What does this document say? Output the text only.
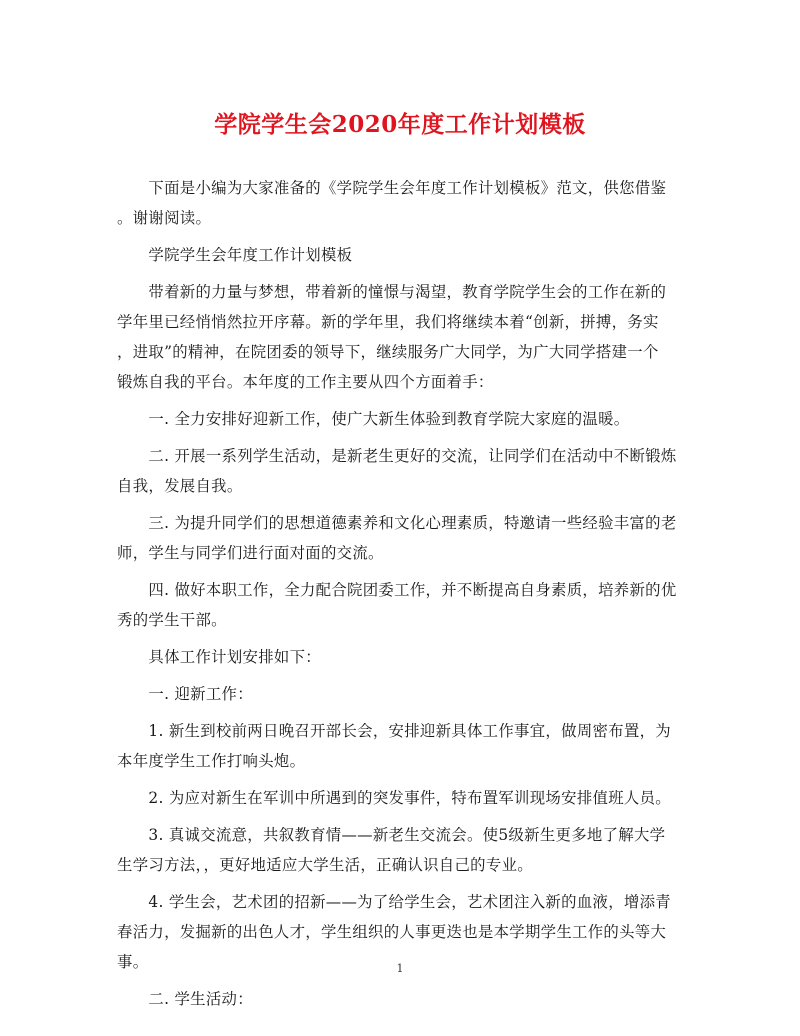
学院学生会2020年度工作计划模板

　　下面是小编为大家准备的《学院学生会年度工作计划模板》范文，供您借鉴

。谢谢阅读。

　　学院学生会年度工作计划模板

　　带着新的力量与梦想，带着新的憧憬与渴望，教育学院学生会的工作在新的

学年里已经悄悄然拉开序幕。新的学年里，我们将继续本着“创新，拼搏，务实

，进取”的精神，在院团委的领导下，继续服务广大同学，为广大同学搭建一个

锻炼自我的平台。本年度的工作主要从四个方面着手：

　　一. 全力安排好迎新工作，使广大新生体验到教育学院大家庭的温暖。

　　二. 开展一系列学生活动，是新老生更好的交流，让同学们在活动中不断锻炼

自我，发展自我。

　　三. 为提升同学们的思想道德素养和文化心理素质，特邀请一些经验丰富的老

师，学生与同学们进行面对面的交流。

　　四. 做好本职工作，全力配合院团委工作，并不断提高自身素质，培养新的优

秀的学生干部。

　　具体工作计划安排如下：

　　一. 迎新工作：

　　1. 新生到校前两日晚召开部长会，安排迎新具体工作事宜，做周密布置，为

本年度学生工作打响头炮。

　　2. 为应对新生在军训中所遇到的突发事件，特布置军训现场安排值班人员。

　　3. 真诚交流意，共叙教育情——新老生交流会。使5级新生更多地了解大学

生学习方法，，更好地适应大学生活，正确认识自己的专业。

　　4. 学生会，艺术团的招新——为了给学生会，艺术团注入新的血液，增添青

春活力，发掘新的出色人才，学生组织的人事更迭也是本学期学生工作的头等大

事。

　　二. 学生活动：

1
